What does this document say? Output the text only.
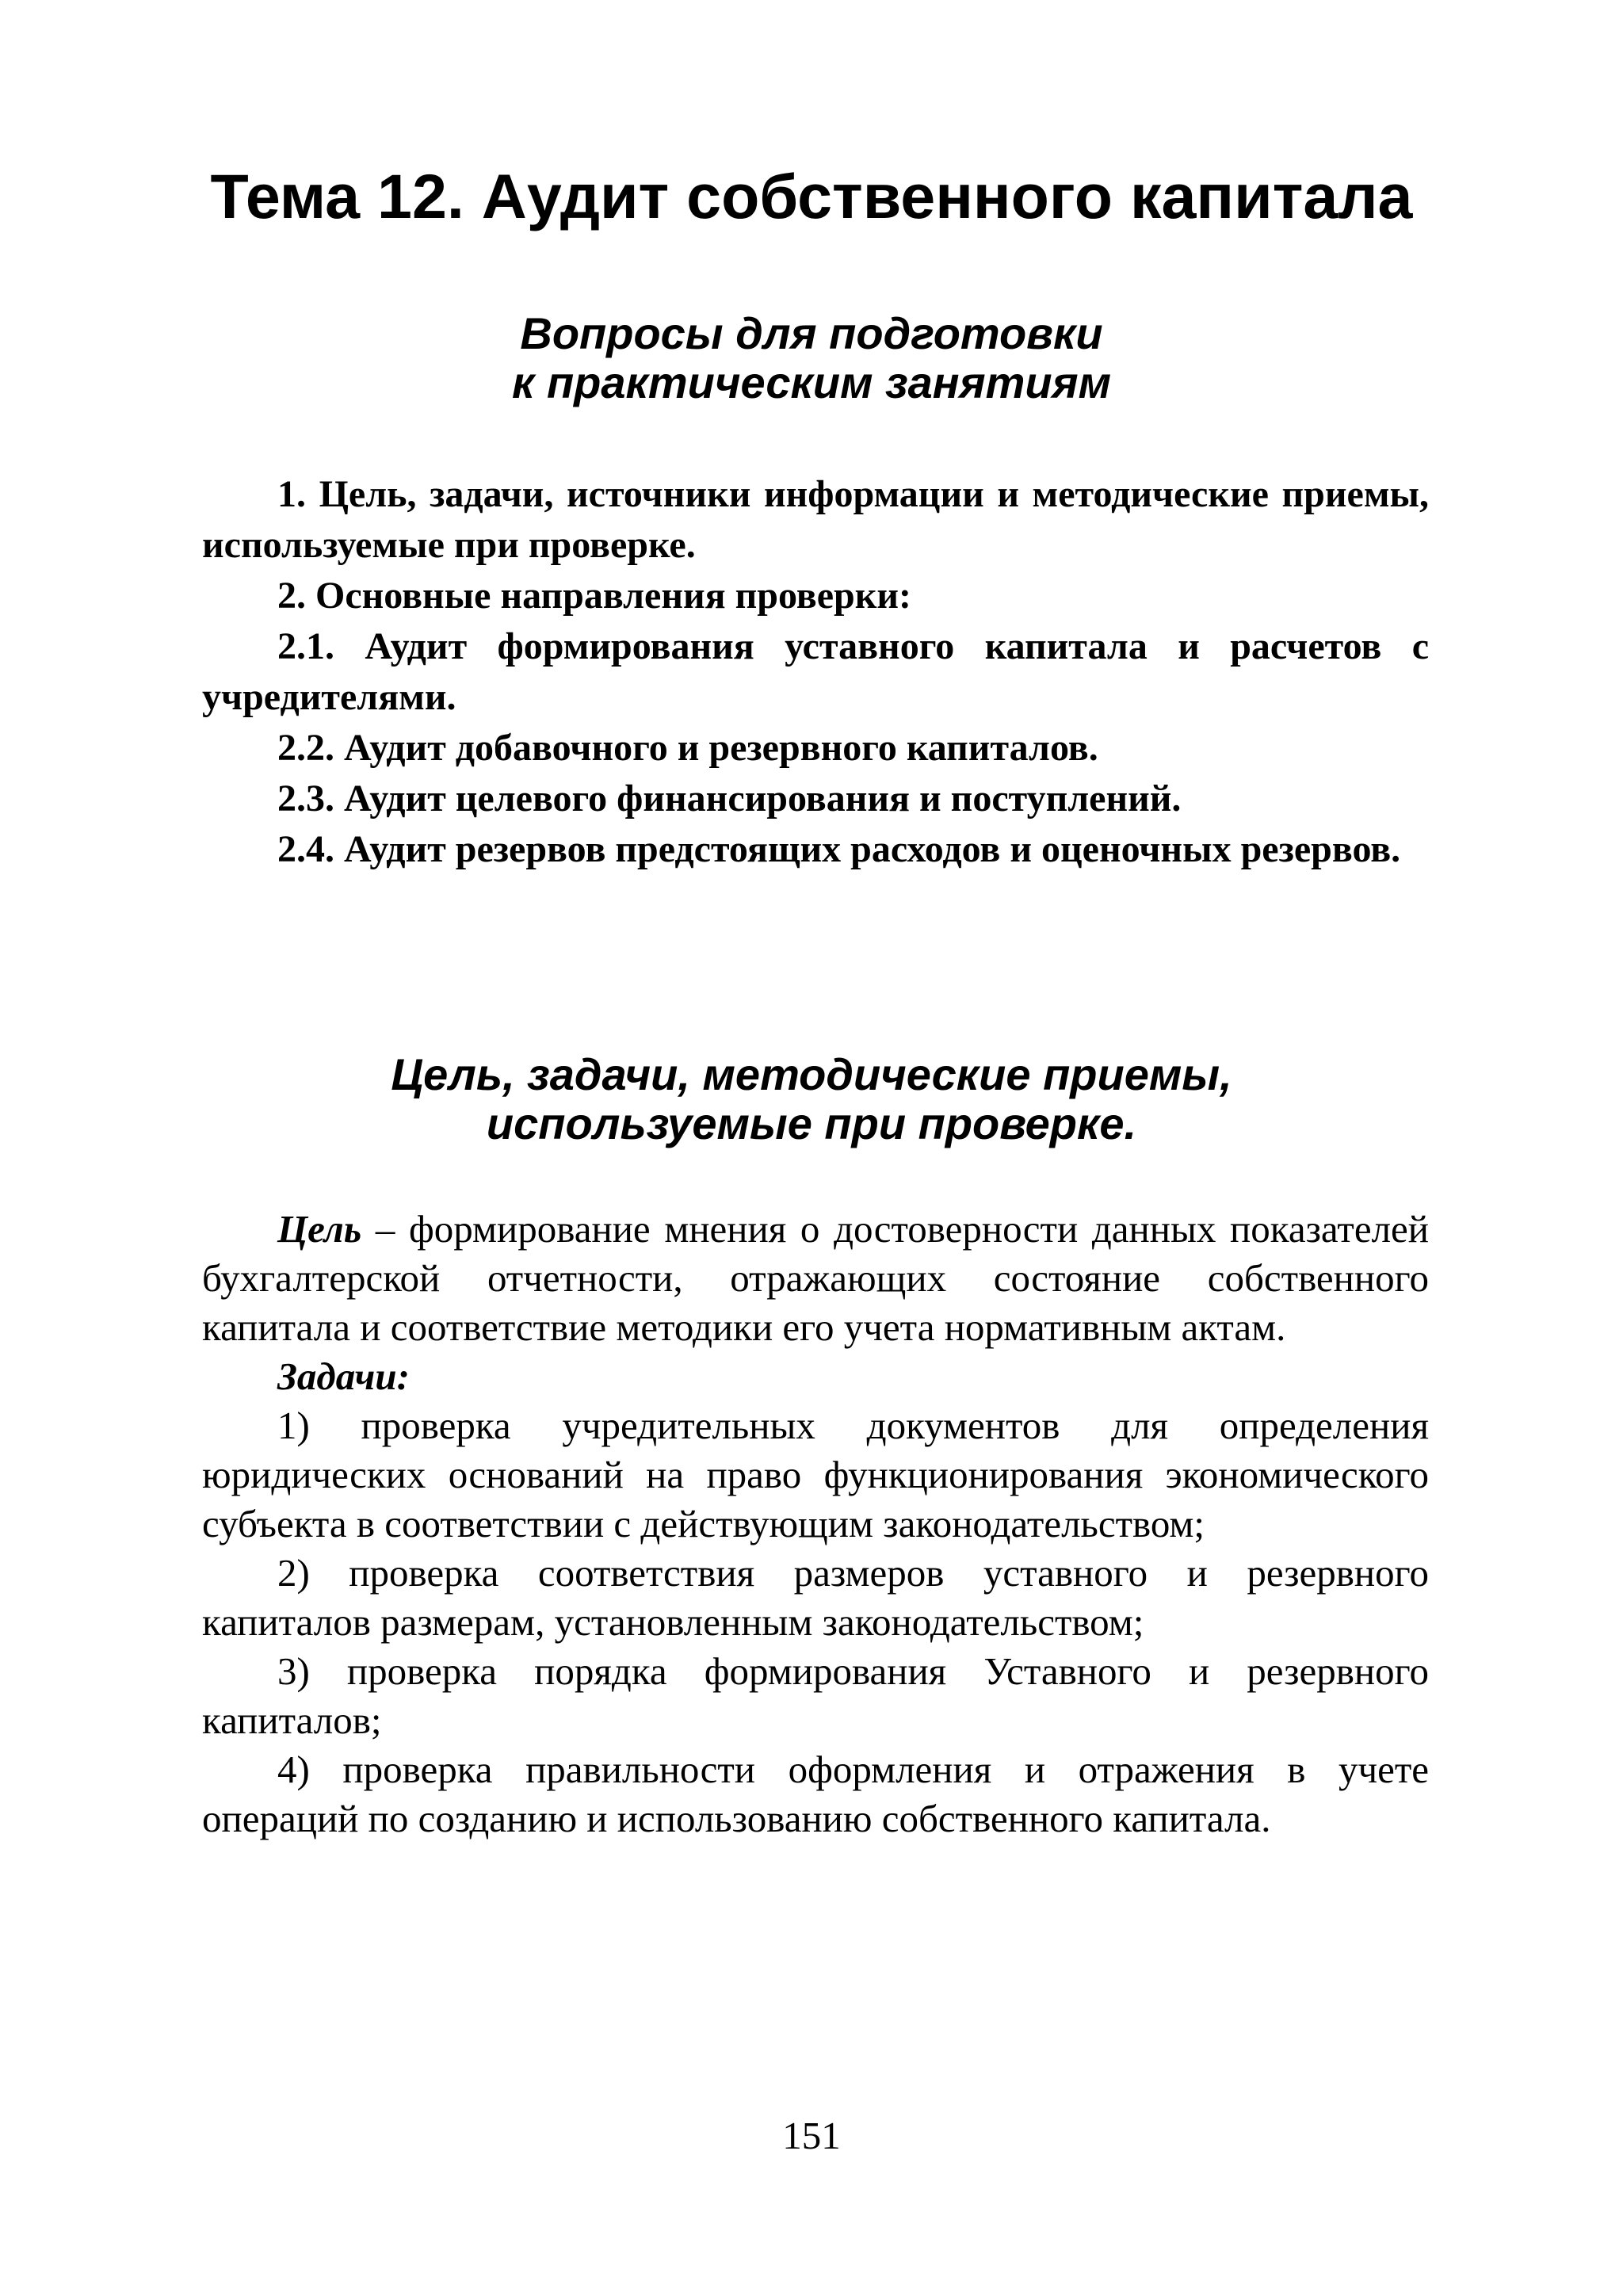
Тема 12. Аудит собственного капитала
Вопросы для подготовки
к практическим занятиям
1. Цель, задачи, источники информации и методические приемы, используемые при проверке.
2. Основные направления проверки:
2.1. Аудит формирования уставного капитала и расчетов с учредителями.
2.2. Аудит добавочного и резервного капиталов.
2.3. Аудит целевого финансирования и поступлений.
2.4. Аудит резервов предстоящих расходов и оценочных резервов.
Цель, задачи, методические приемы,
используемые при проверке.

Цель – формирование мнения о достоверности данных показателей бухгалтерской отчетности, отражающих состояние собственного капитала и соответствие методики его учета нормативным актам.

Задачи:

1) проверка учредительных документов для определения юридических оснований на право функционирования экономического субъекта в соответствии с действующим законодательством;

2) проверка соответствия размеров уставного и резервного капиталов размерам, установленным законодательством;

3) проверка порядка формирования Уставного и резервного капиталов;

4) проверка правильности оформления и отражения в учете операций по созданию и использованию собственного капитала.

151
